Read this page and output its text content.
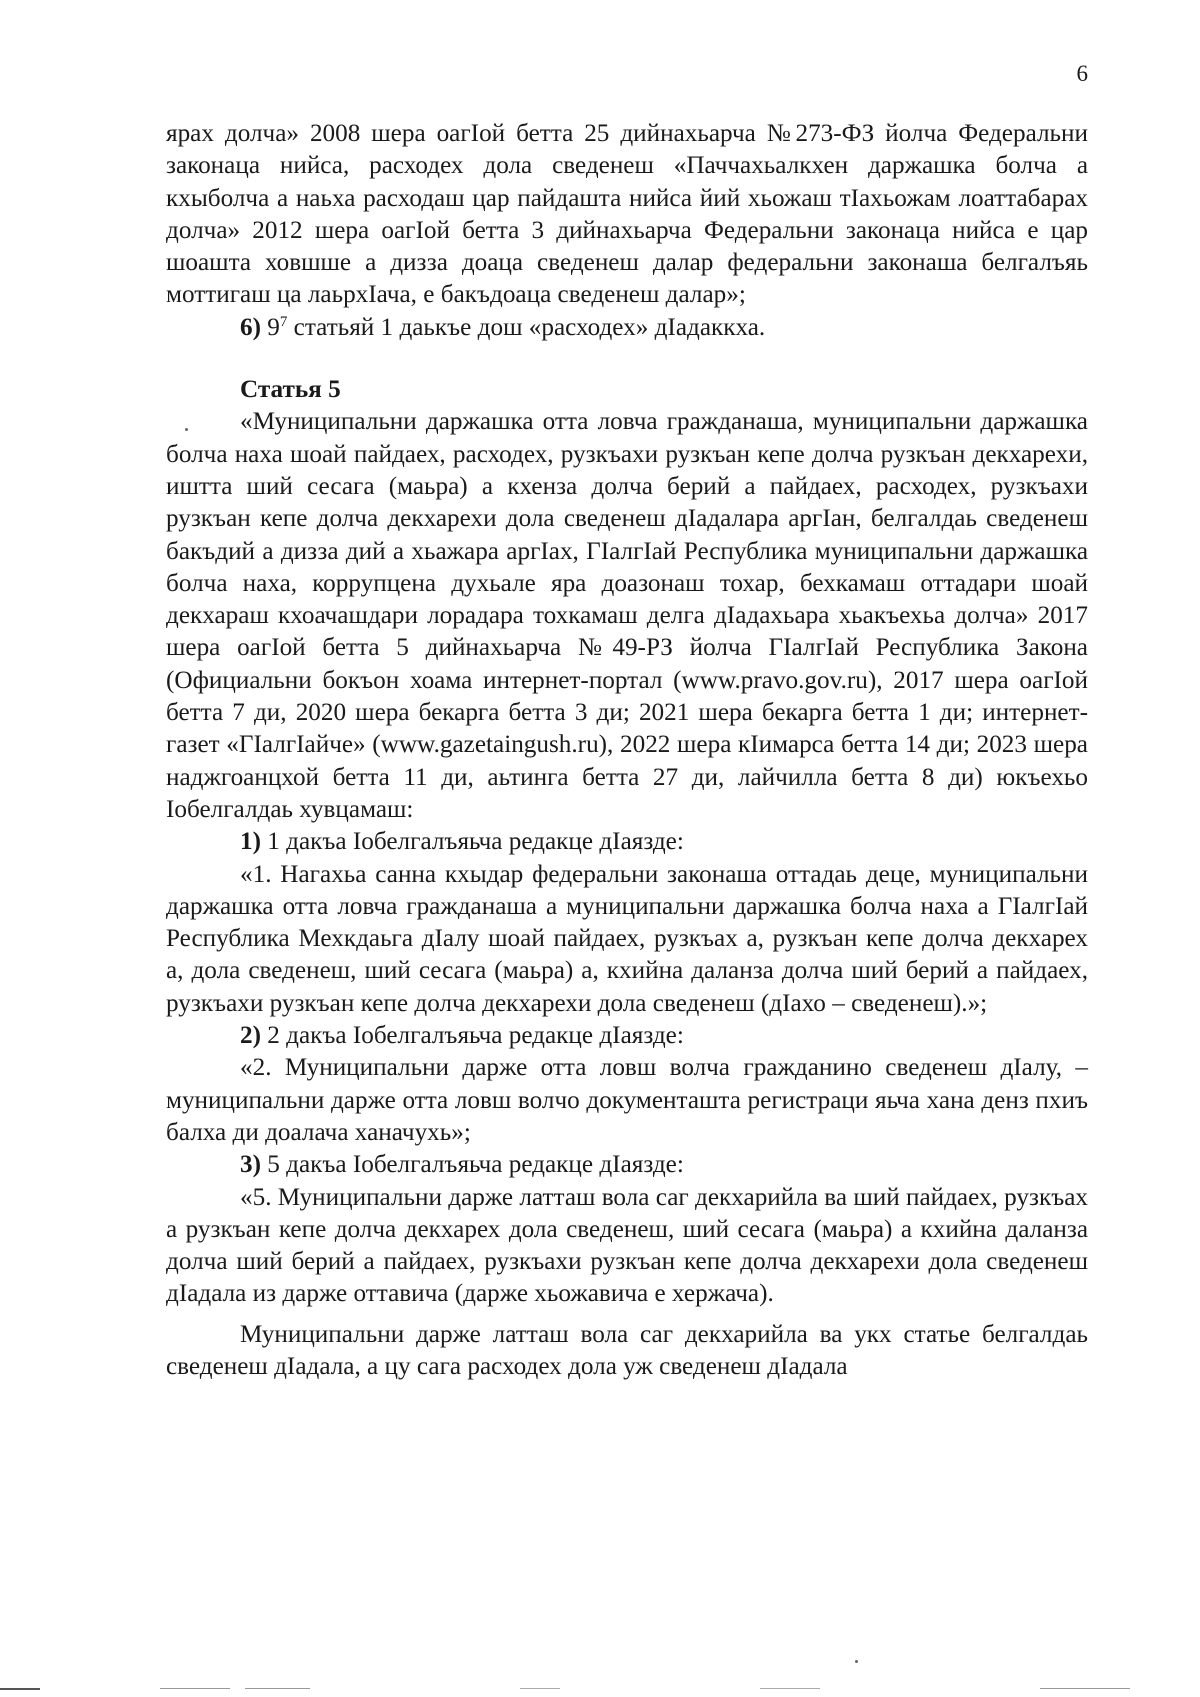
6

ярах долча» 2008 шера оагIой бетта 25 дийнахьарча №273-ФЗ йолча Федеральни законаца нийса, расходех дола сведенеш «Паччахьалкхен даржашка болча а кхыболча а наьха расходаш цар пайдашта нийса йий хьожаш тIахьожам лоаттабарах долча» 2012 шера оагIой бетта 3 дийнахьарча Федеральни законаца нийса е цар шоашта ховшше а дизза доаца сведенеш далар федеральни законаша белгалъяь моттигаш ца лаьрхIача, е бакъдоаца сведенеш далар»;

6) $9^7$ статьяй 1 даькъе дош «расходех» дIадаккха.

Статья 5

«Муниципальни даржашка отта ловча гражданаша, муниципальни даржашка болча наха шоай пайдаех, расходех, рузкъахи рузкъан кепе долча рузкъан декхарехи, иштта ший сесага (маьра) а кхенза долча берий а пайдаех, расходех, рузкъахи рузкъан кепе долча декхарехи дола сведенеш дIадалара аргIан, белгалдаь сведенеш бакъдий а дизза дий а хьажара аргIах, ГIалгIай Республика муниципальни даржашка болча наха, коррупцена духьале яра доазонаш тохар, бехкамаш оттадари шоай декхараш кхоачашдари лорадара тохкамаш делга дIадахьара хьакъехьа долча» 2017 шера оагIой бетта 5 дийнахьарча №49-РЗ йолча ГIалгIай Республика Закона (Официальни бокъон хоама интернет-портал (www.pravo.gov.ru), 2017 шера оагIой бетта 7 ди, 2020 шера бекарга бетта 3 ди; 2021 шера бекарга бетта 1 ди; интернет-газет «ГIалгIайче» (www.gazetaingush.ru), 2022 шера кIимарса бетта 14 ди; 2023 шера наджгоанцхой бетта 11 ди, аьтинга бетта 27 ди, лайчилла бетта 8 ди) юкъехьо Iобелгалдаь хувцамаш:

1) 1 дакъа Iобелгалъяьча редакце дIаязде:

«1. Нагахьа санна кхыдар федеральни законаша оттадаь деце, муниципальни даржашка отта ловча гражданаша а муниципальни даржашка болча наха а ГIалгIай Республика Мехкдаьга дIалу шоай пайдаех, рузкъах а, рузкъан кепе долча декхарех а, дола сведенеш, ший сесага (маьра) а, кхийна даланза долча ший берий а пайдаех, рузкъахи рузкъан кепе долча декхарехи дола сведенеш (дIахо – сведенеш).»;

2) 2 дакъа Iобелгалъяьча редакце дIаязде:

«2. Муниципальни дарже отта ловш волча гражданино сведенеш дIалу, – муниципальни дарже отта ловш волчо документашта регистраци яьча хана денз пхиъ балха ди доалача ханачухь»;

3) 5 дакъа Iобелгалъяьча редакце дIаязде:

«5. Муниципальни дарже латташ вола саг декхарийла ва ший пайдаех, рузкъах а рузкъан кепе долча декхарех дола сведенеш, ший сесага (маьра) а кхийна даланза долча ший берий а пайдаех, рузкъахи рузкъан кепе долча декхарехи дола сведенеш дIадала из дарже оттавича (дарже хьожавича е хержача).

Муниципальни дарже латташ вола саг декхарийла ва укх статье белгалдаь сведенеш дIадала, а цу сага расходех дола уж сведенеш дIадала
